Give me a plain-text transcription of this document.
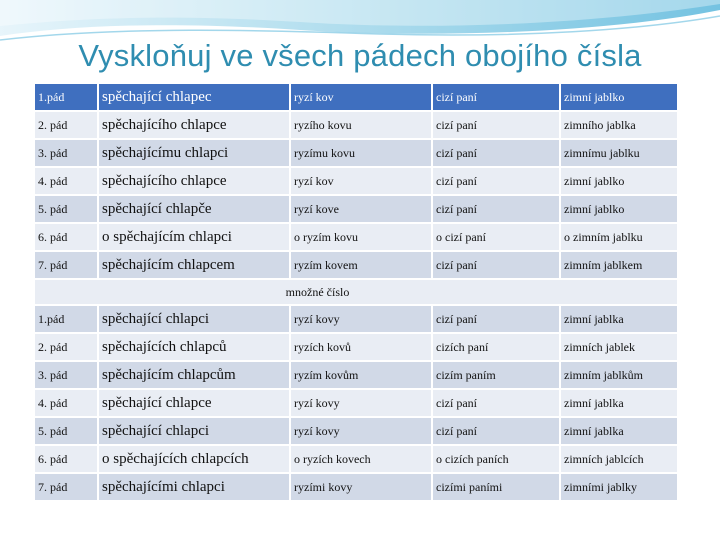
Vyskloňuj ve všech pádech obojího čísla
1.pád	spěchající chlapec	ryzí kov	cizí paní	zimní jablko
2. pád	spěchajícího chlapce	ryzího kovu	cizí paní	zimního jablka
3. pád	spěchajícímu chlapci	ryzímu kovu	cizí paní	zimnímu jablku
4. pád	spěchajícího chlapce	ryzí kov	cizí paní	zimní jablko
5. pád	spěchající chlapče	ryzí kove	cizí paní	zimní jablko
6. pád	o spěchajícím chlapci	o ryzím kovu	o cizí paní	o zimním jablku
7. pád	spěchajícím chlapcem	ryzím kovem	cizí paní	zimním jablkem
množné číslo				
1.pád	spěchající chlapci	ryzí kovy	cizí paní	zimní jablka
2. pád	spěchajících chlapců	ryzích kovů	cizích paní	zimních jablek
3. pád	spěchajícím chlapcům	ryzím kovům	cizím paním	zimním jablkům
4. pád	spěchající chlapce	ryzí kovy	cizí paní	zimní jablka
5. pád	spěchající chlapci	ryzí kovy	cizí paní	zimní jablka
6. pád	o spěchajících chlapcích	o ryzích kovech	o cizích paních	zimních jablcích
7. pád	spěchajícími chlapci	ryzími kovy	cizími paními	zimními jablky
